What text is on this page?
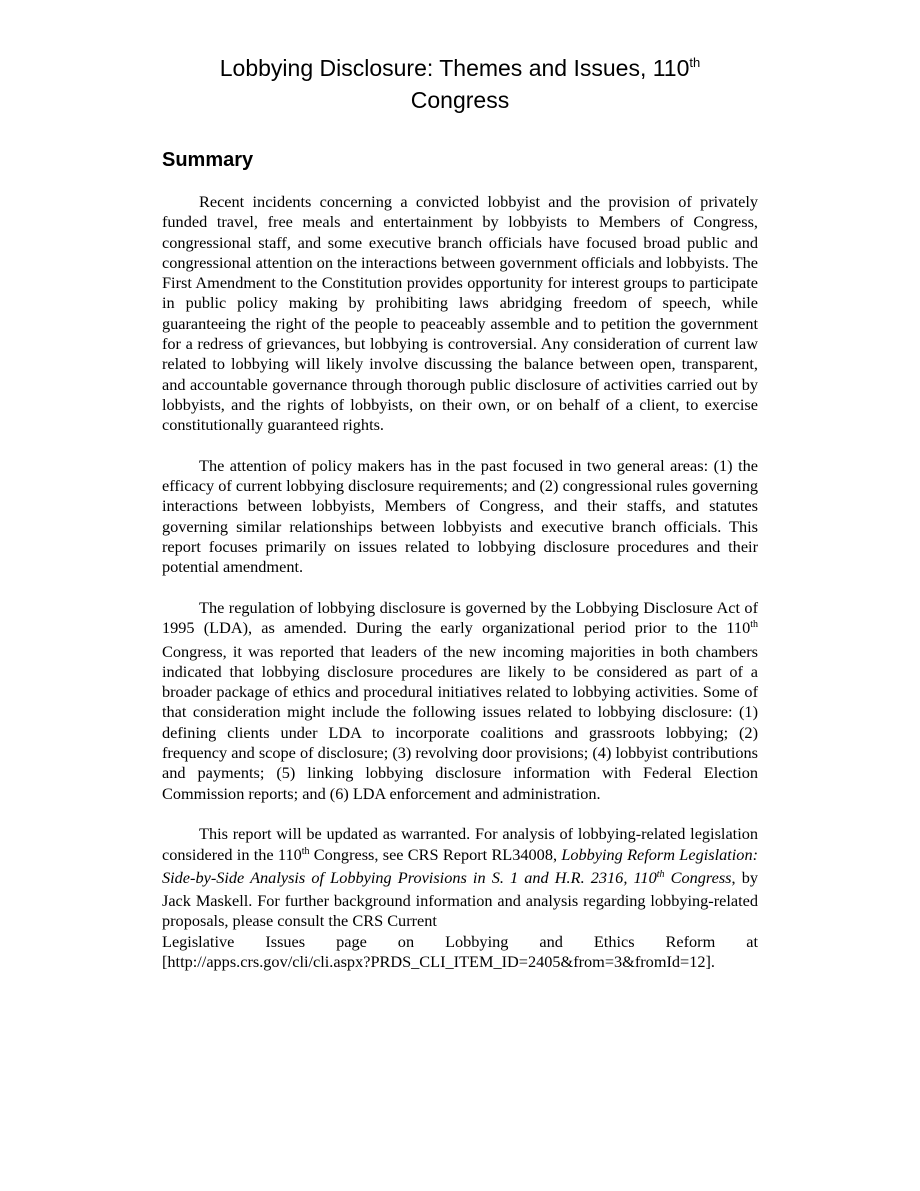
Lobbying Disclosure: Themes and Issues, 110th
Congress
Summary

Recent incidents concerning a convicted lobbyist and the provision of privately funded travel, free meals and entertainment by lobbyists to Members of Congress, congressional staff, and some executive branch officials have focused broad public and congressional attention on the interactions between government officials and lobbyists. The First Amendment to the Constitution provides opportunity for interest groups to participate in public policy making by prohibiting laws abridging freedom of speech, while guaranteeing the right of the people to peaceably assemble and to petition the government for a redress of grievances, but lobbying is controversial. Any consideration of current law related to lobbying will likely involve discussing the balance between open, transparent, and accountable governance through thorough public disclosure of activities carried out by lobbyists, and the rights of lobbyists, on their own, or on behalf of a client, to exercise constitutionally guaranteed rights.

The attention of policy makers has in the past focused in two general areas: (1) the efficacy of current lobbying disclosure requirements; and (2) congressional rules governing interactions between lobbyists, Members of Congress, and their staffs, and statutes governing similar relationships between lobbyists and executive branch officials. This report focuses primarily on issues related to lobbying disclosure procedures and their potential amendment.

The regulation of lobbying disclosure is governed by the Lobbying Disclosure Act of 1995 (LDA), as amended. During the early organizational period prior to the 110th Congress, it was reported that leaders of the new incoming majorities in both chambers indicated that lobbying disclosure procedures are likely to be considered as part of a broader package of ethics and procedural initiatives related to lobbying activities. Some of that consideration might include the following issues related to lobbying disclosure: (1) defining clients under LDA to incorporate coalitions and grassroots lobbying; (2) frequency and scope of disclosure; (3) revolving door provisions; (4) lobbyist contributions and payments; (5) linking lobbying disclosure information with Federal Election Commission reports; and (6) LDA enforcement and administration.

This report will be updated as warranted. For analysis of lobbying-related legislation considered in the 110th Congress, see CRS Report RL34008, Lobbying Reform Legislation: Side-by-Side Analysis of Lobbying Provisions in S. 1 and H.R. 2316, 110th Congress, by Jack Maskell. For further background information and analysis regarding lobbying-related proposals, please consult the CRS Current
Legislative Issues page on Lobbying and Ethics Reform at
[http://apps.crs.gov/cli/cli.aspx?PRDS_CLI_ITEM_ID=2405&from=3&fromId=12].
